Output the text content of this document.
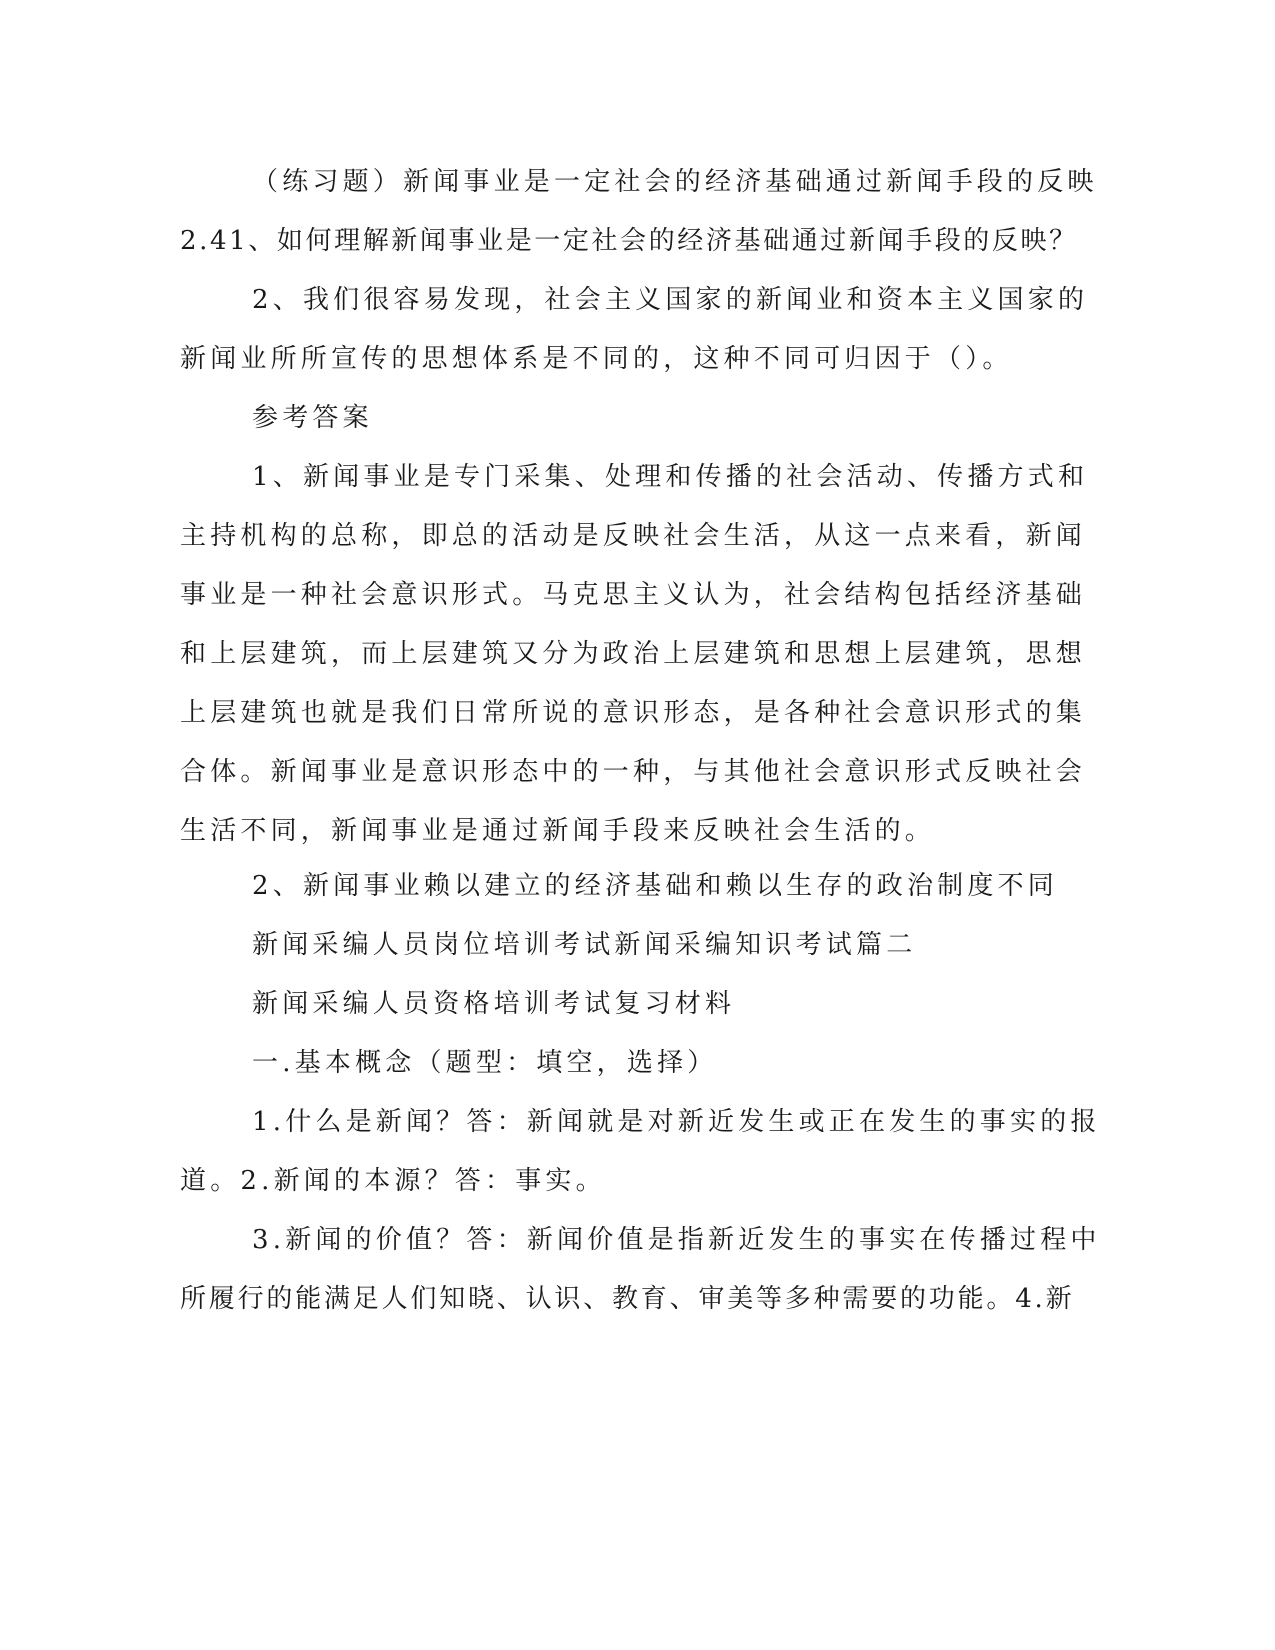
（练习题）新闻事业是一定社会的经济基础通过新闻手段的反映
2.41、如何理解新闻事业是一定社会的经济基础通过新闻手段的反映？
2、我们很容易发现，社会主义国家的新闻业和资本主义国家的
新闻业所所宣传的思想体系是不同的，这种不同可归因于（）。
参考答案
1、新闻事业是专门采集、处理和传播的社会活动、传播方式和
主持机构的总称，即总的活动是反映社会生活，从这一点来看，新闻
事业是一种社会意识形式。马克思主义认为，社会结构包括经济基础
和上层建筑，而上层建筑又分为政治上层建筑和思想上层建筑，思想
上层建筑也就是我们日常所说的意识形态，是各种社会意识形式的集
合体。新闻事业是意识形态中的一种，与其他社会意识形式反映社会
生活不同，新闻事业是通过新闻手段来反映社会生活的。
2、新闻事业赖以建立的经济基础和赖以生存的政治制度不同
新闻采编人员岗位培训考试新闻采编知识考试篇二
新闻采编人员资格培训考试复习材料
一.基本概念（题型：填空，选择）
1.什么是新闻？答：新闻就是对新近发生或正在发生的事实的报
道。2.新闻的本源？答：事实。
3.新闻的价值？答：新闻价值是指新近发生的事实在传播过程中
所履行的能满足人们知晓、认识、教育、审美等多种需要的功能。4.新
